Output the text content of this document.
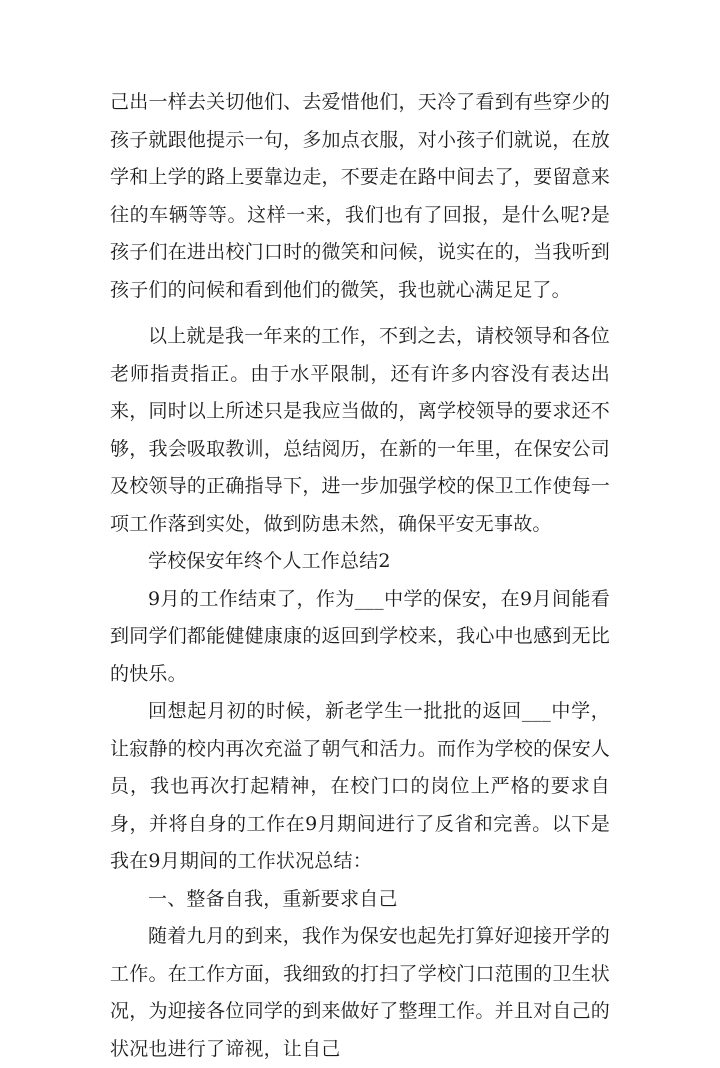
己出一样去关切他们、去爱惜他们，天冷了看到有些穿少的孩子就跟他提示一句，多加点衣服，对小孩子们就说，在放学和上学的路上要靠边走，不要走在路中间去了，要留意来往的车辆等等。这样一来，我们也有了回报，是什么呢?是孩子们在进出校门口时的微笑和问候，说实在的，当我听到孩子们的问候和看到他们的微笑，我也就心满足足了。

以上就是我一年来的工作，不到之去，请校领导和各位老师指责指正。由于水平限制，还有许多内容没有表达出来，同时以上所述只是我应当做的，离学校领导的要求还不够，我会吸取教训，总结阅历，在新的一年里，在保安公司及校领导的正确指导下，进一步加强学校的保卫工作使每一项工作落到实处，做到防患未然，确保平安无事故。

学校保安年终个人工作总结2

9月的工作结束了，作为___中学的保安，在9月间能看到同学们都能健健康康的返回到学校来，我心中也感到无比的快乐。

回想起月初的时候，新老学生一批批的返回___中学，让寂静的校内再次充溢了朝气和活力。而作为学校的保安人员，我也再次打起精神，在校门口的岗位上严格的要求自身，并将自身的工作在9月期间进行了反省和完善。以下是我在9月期间的工作状况总结：

一、整备自我，重新要求自己

随着九月的到来，我作为保安也起先打算好迎接开学的工作。在工作方面，我细致的打扫了学校门口范围的卫生状况，为迎接各位同学的到来做好了整理工作。并且对自己的状况也进行了谛视，让自己
